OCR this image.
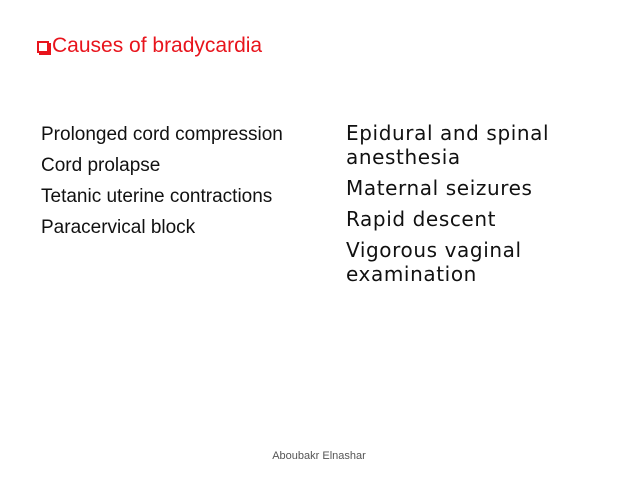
Causes of bradycardia
Prolonged cord compression
Cord prolapse
Tetanic uterine contractions
Paracervical block
Epidural and spinal anesthesia
Maternal seizures
Rapid descent
Vigorous vaginal examination
Aboubakr Elnashar
